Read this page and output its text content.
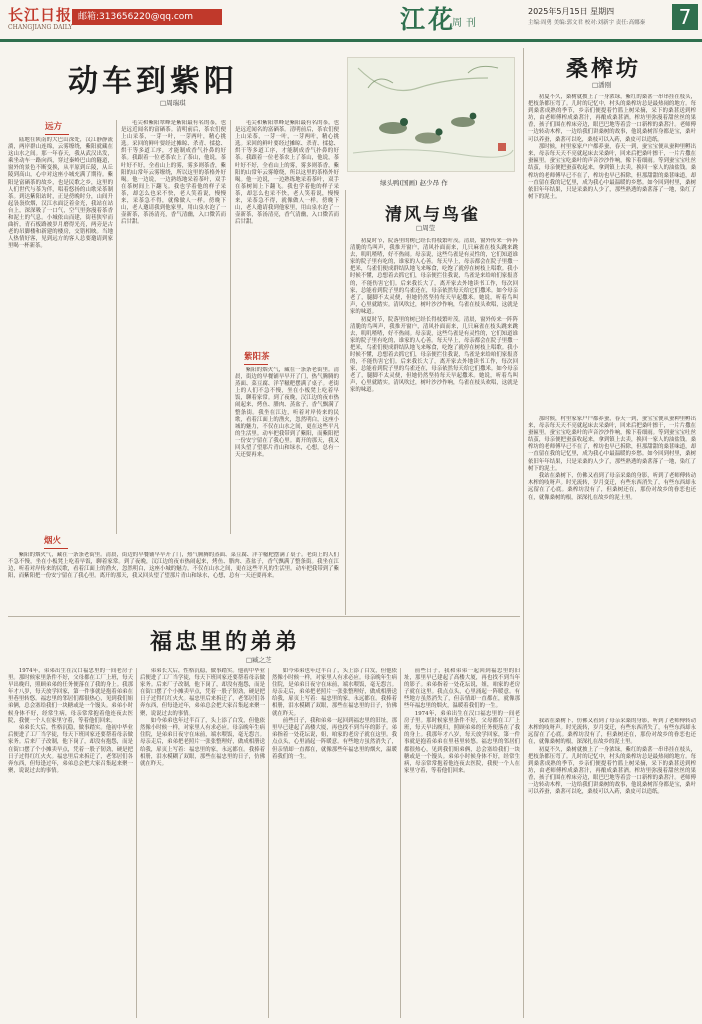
长江日报
CHANGJIANG DAILY
邮箱:313656220@qq.com	江花
周刊
2025年5月15日 星期四
主编:周勇 美编:郭文君 校对:刘新宇 责任:高娜秦	7
动车到紫阳
□周瑞琪
远方

陆地在陕南的大巴山深处，汉江静静流淌，两岸群山连绵，云雾缭绕，紫阳就藏在这山水之间。那一年春天，我从武汉出发，乘坐动车一路向西，穿过秦岭巴山的隧道，窗外的景色不断变换，从平原到丘陵，从丘陵到高山，心中对这座小城充满了期待。紫阳是富硒茶的故乡，也是民歌之乡，这里的人们世代与茶为伴，唱着悠扬的山歌采茶制茶。到达紫阳站时，正是傍晚时分，山间升起袅袅炊烟，汉江水面泛着金光，我站在站台上，深深吸了一口气，空气里弥漫着茶香和泥土的气息。小城依山而建，街巷狭窄而曲折，青石板路被岁月磨得光亮，两旁是古老的吊脚楼和新建的楼房，交错相映。当地人热情好客，见到远方的客人总要邀请到家里喝一杯新茶。

毛尖和紫阳翠峰是紫阳最有名的茶，也是远近闻名的富硒茶。清明前后，茶农们便上山采茶，一芽一叶，一芽两叶，精心挑选。采回的鲜叶要经过摊晾、杀青、揉捻、烘干等多道工序，才能制成香气扑鼻的好茶。我跟着一位老茶农上了茶山，他说，茶叶好不好，全看山上的雾，雾多则茶香，紫阳的山常年云雾缭绕，所以这里的茶格外好喝。他一边说，一边熟练地采着茶叶，双手在茶树间上下翻飞。我也学着他的样子采茶，却怎么也采不快，老人笑着说，慢慢来，采茶急不得，就像做人一样。傍晚下山，老人邀请我到他家里，用山泉水泡了一壶新茶，茶汤清亮，香气清幽，入口微苦而后甘甜。

紫阳茶
烟火

毛尖和紫阳翠峰是紫阳最有名的茶，也是远近闻名的富硒茶。清明前后，茶农们便上山采茶，一芽一叶，一芽两叶，精心挑选。采回的鲜叶要经过摊晾、杀青、揉捻、烘干等多道工序，才能制成香气扑鼻的好茶。我跟着一位老茶农上了茶山，他说，茶叶好不好，全看山上的雾，雾多则茶香，紫阳的山常年云雾缭绕，所以这里的茶格外好喝。他一边说，一边熟练地采着茶叶，双手在茶树间上下翻飞。我也学着他的样子采茶，却怎么也采不快，老人笑着说，慢慢来，采茶急不得，就像做人一样。傍晚下山，老人邀请我到他家里，用山泉水泡了一壶新茶，茶汤清亮，香气清幽，入口微苦而后甘甜。

紫阳的烟火气，藏在一条条老街里。清晨，街边的早餐铺早早开了门，热气腾腾的蒸面、菜豆腐、洋芋糍粑摆满了桌子。老街上的人们不急不慢，坐在小板凳上吃着早饭，聊着家常。到了夜晚，汉江边的夜市热闹起来，烤鱼、腊肉、蒸盆子，香气飘满了整条街。我坐在江边，听着对岸传来的民歌，看着江面上的渔火，忽然明白，这座小城的魅力，不仅在山水之间，更在这些平凡的生活里。动车把我带到了紫阳，而紫阳把一份安宁留在了我心里。离开的那天，我又回头望了望那片青山和绿水，心想，总有一天还要再来。

紫阳的烟火气，藏在一条条老街里。清晨，街边的早餐铺早早开了门，热气腾腾的蒸面、菜豆腐、洋芋糍粑摆满了桌子。老街上的人们不急不慢，坐在小板凳上吃着早饭，聊着家常。到了夜晚，汉江边的夜市热闹起来，烤鱼、腊肉、蒸盆子，香气飘满了整条街。我坐在江边，听着对岸传来的民歌，看着江面上的渔火，忽然明白，这座小城的魅力，不仅在山水之间，更在这些平凡的生活里。动车把我带到了紫阳，而紫阳把一份安宁留在了我心里。离开的那天，我又回头望了望那片青山和绿水，心想，总有一天还要再来。

绿头鸭(国画) 赵少昂 作
清风与鸟雀
□周莹

初夏时节，院落里的树已经长得枝繁叶茂。清晨，窗外传来一阵阵清脆的鸟叫声，我推开窗户，清风扑面而来，几只麻雀在枝头跳来跳去，叽叽喳喳，好不热闹。母亲说，这些鸟雀是有灵性的，它们知道谁家的院子里有吃的，谁家的人心善。每天早上，母亲都会在院子里撒一把米，鸟雀们便成群结队地飞来啄食，吃饱了就停在树枝上唱歌。我小时候不懂，总想着去抓它们，母亲便拦住我说，鸟雀是来给咱们家报喜的，不能伤害它们。后来我长大了，离开家去外地读书工作，每次回家，总能看到院子里的鸟雀还在，母亲依然每天给它们撒米。如今母亲老了，腿脚不太灵便，但她仍然坚持每天早起撒米。她说，听着鸟叫声，心里就踏实。清风吹过，树叶沙沙作响，鸟雀在枝头欢唱，这就是家的味道。

初夏时节，院落里的树已经长得枝繁叶茂。清晨，窗外传来一阵阵清脆的鸟叫声，我推开窗户，清风扑面而来，几只麻雀在枝头跳来跳去，叽叽喳喳，好不热闹。母亲说，这些鸟雀是有灵性的，它们知道谁家的院子里有吃的，谁家的人心善。每天早上，母亲都会在院子里撒一把米，鸟雀们便成群结队地飞来啄食，吃饱了就停在树枝上唱歌。我小时候不懂，总想着去抓它们，母亲便拦住我说，鸟雀是来给咱们家报喜的，不能伤害它们。后来我长大了，离开家去外地读书工作，每次回家，总能看到院子里的鸟雀还在，母亲依然每天给它们撒米。如今母亲老了，腿脚不太灵便，但她仍然坚持每天早起撒米。她说，听着鸟叫声，心里就踏实。清风吹过，树叶沙沙作响，鸟雀在枝头欢唱，这就是家的味道。

桑榨坊
□潘刚

初夏不久，桑树就披上了一身浓绿，紫红的桑葚一串串挂在枝头，把枝条都压弯了。儿时的记忆中，村头的桑榨坊总是最热闹的地方。每到桑葚成熟的季节，乡亲们便提着竹篮上树采摘，采下的桑葚送到榨坊，由老师傅榨成桑葚汁，再酿成桑葚酒。榨坊里弥漫着甜丝丝的果香，孩子们围在榨床旁边，眼巴巴地等着尝一口新榨的桑葚汁。老师傅一边转动木榨，一边给我们讲桑树的故事，他说桑树浑身都是宝，桑叶可以养蚕，桑葚可以吃，桑枝可以入药，桑皮可以造纸。

那时候，村里家家户户都养蚕，春天一到，蚕宝宝便从蚕种里孵出来，母亲每天天不亮就起床去采桑叶，回来后把桑叶擦干，一片片撒在蚕匾里。蚕宝宝吃桑叶的声音沙沙作响，像下着细雨。等到蚕宝宝吐丝结茧，母亲便把蚕茧收起来，拿到镇上去卖，换回一家人的油盐钱。桑榨坊的老师傅早已不在了，榨坊也早已拆除，但那甜甜的桑葚味道，却一直留在我的记忆里，成为我心中最温暖的乡愁。如今回到村里，桑树依旧年年结果，只是采桑的人少了，那些熟透的桑葚落了一地，染红了树下的泥土。

那时候，村里家家户户都养蚕，春天一到，蚕宝宝便从蚕种里孵出来，母亲每天天不亮就起床去采桑叶，回来后把桑叶擦干，一片片撒在蚕匾里。蚕宝宝吃桑叶的声音沙沙作响，像下着细雨。等到蚕宝宝吐丝结茧，母亲便把蚕茧收起来，拿到镇上去卖，换回一家人的油盐钱。桑榨坊的老师傅早已不在了，榨坊也早已拆除，但那甜甜的桑葚味道，却一直留在我的记忆里，成为我心中最温暖的乡愁。如今回到村里，桑树依旧年年结果，只是采桑的人少了，那些熟透的桑葚落了一地，染红了树下的泥土。

我站在桑树下，仿佛又看到了母亲采桑的身影，听到了老师傅转动木榨的吱呀声。时光流转，岁月变迁，有些东西消失了，有些东西却永远留在了心底。桑榨坊没有了，但桑树还在，那份对故乡的眷恋也还在，就像桑树的根，深深扎在故乡的泥土里。

我站在桑树下，仿佛又看到了母亲采桑的身影，听到了老师傅转动木榨的吱呀声。时光流转，岁月变迁，有些东西消失了，有些东西却永远留在了心底。桑榨坊没有了，但桑树还在，那份对故乡的眷恋也还在，就像桑树的根，深深扎在故乡的泥土里。

初夏不久，桑树就披上了一身浓绿，紫红的桑葚一串串挂在枝头，把枝条都压弯了。儿时的记忆中，村头的桑榨坊总是最热闹的地方。每到桑葚成熟的季节，乡亲们便提着竹篮上树采摘，采下的桑葚送到榨坊，由老师傅榨成桑葚汁，再酿成桑葚酒。榨坊里弥漫着甜丝丝的果香，孩子们围在榨床旁边，眼巴巴地等着尝一口新榨的桑葚汁。老师傅一边转动木榨，一边给我们讲桑树的故事，他说桑树浑身都是宝，桑叶可以养蚕，桑葚可以吃，桑枝可以入药，桑皮可以造纸。

福忠里的弟弟
□臧之芝

1974年，弟弟出生在汉口福忠里的一间老房子里。那时候家里条件不好，父母都在工厂上班，每天早出晚归，照顾弟弟的任务便落在了我的身上。我那年才八岁，每天放学回家，第一件事就是抱着弟弟在里巷里转悠。福忠里的邻居们都很热心，见到我们姐弟俩，总会塞给我们一块糖或是一个馒头。弟弟小时候身体不好，经常生病，母亲常常抱着他连夜去医院，我便一个人在家里守着，等着他们回来。

弟弟长大后，性格沉稳，做事踏实。他初中毕业后便进了工厂当学徒，每天下班回家还要帮着母亲做家务。后来厂子改制，他下岗了，却没有抱怨，而是在街口摆了个小摊卖早点，凭着一股子韧劲，硬是把日子过得红红火火。福忠里后来拆迁了，老邻居们各奔东西，但每逢过年，弟弟总会把大家召集起来聚一聚，说说过去的事情。

弟弟长大后，性格沉稳，做事踏实。他初中毕业后便进了工厂当学徒，每天下班回家还要帮着母亲做家务。后来厂子改制，他下岗了，却没有抱怨，而是在街口摆了个小摊卖早点，凭着一股子韧劲，硬是把日子过得红红火火。福忠里后来拆迁了，老邻居们各奔东西，但每逢过年，弟弟总会把大家召集起来聚一聚，说说过去的事情。

如今弟弟也年过半百了，头上添了白发，但他依然像小时候一样，对家里人有求必应。母亲晚年生病住院，是弟弟日夜守在床前，端水喂饭，毫无怨言。母亲走后，弟弟把老照片一张张整理好，做成相册送给我，扉页上写着：福忠里的家，永远都在。我捧着相册，泪水模糊了双眼，那些在福忠里的日子，仿佛就在昨天。

如今弟弟也年过半百了，头上添了白发，但他依然像小时候一样，对家里人有求必应。母亲晚年生病住院，是弟弟日夜守在床前，端水喂饭，毫无怨言。母亲走后，弟弟把老照片一张张整理好，做成相册送给我，扉页上写着：福忠里的家，永远都在。我捧着相册，泪水模糊了双眼，那些在福忠里的日子，仿佛就在昨天。

前些日子，我和弟弟一起回到福忠里的旧址，那里早已建起了高楼大厦，再也找不到当年的影子。弟弟指着一处花坛说，姐，咱家的老房子就在这里。我点点头，心里涌起一阵暖意。有些地方虽然消失了，但亲情却一直都在，就像那些年福忠里的烟火，温暖着我们的一生。

前些日子，我和弟弟一起回到福忠里的旧址，那里早已建起了高楼大厦，再也找不到当年的影子。弟弟指着一处花坛说，姐，咱家的老房子就在这里。我点点头，心里涌起一阵暖意。有些地方虽然消失了，但亲情却一直都在，就像那些年福忠里的烟火，温暖着我们的一生。

1974年，弟弟出生在汉口福忠里的一间老房子里。那时候家里条件不好，父母都在工厂上班，每天早出晚归，照顾弟弟的任务便落在了我的身上。我那年才八岁，每天放学回家，第一件事就是抱着弟弟在里巷里转悠。福忠里的邻居们都很热心，见到我们姐弟俩，总会塞给我们一块糖或是一个馒头。弟弟小时候身体不好，经常生病，母亲常常抱着他连夜去医院，我便一个人在家里守着，等着他们回来。
